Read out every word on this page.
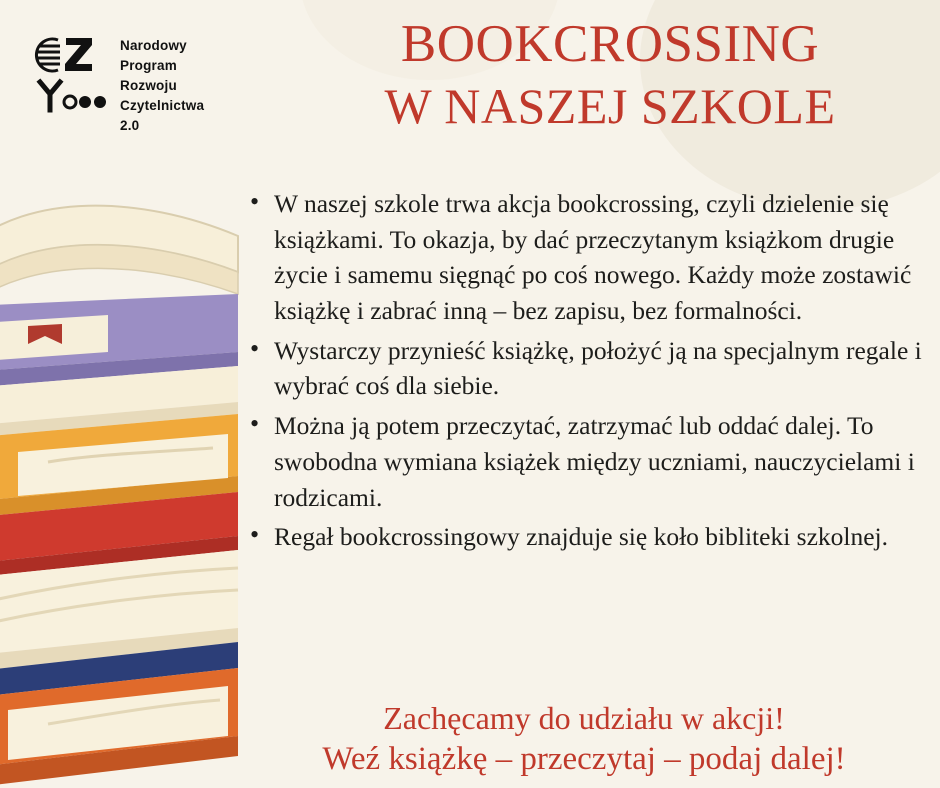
Narodowy
Program
Rozwoju
Czytelnictwa
2.0
BOOKCROSSING
W NASZEJ SZKOLE
• W naszej szkole trwa akcja bookcrossing, czyli dzielenie się książkami. To okazja, by dać przeczytanym książkom drugie życie i samemu sięgnąć po coś nowego. Każdy może zostawić książkę i zabrać inną – bez zapisu, bez formalności.
• Wystarczy przynieść książkę, położyć ją na specjalnym regale i wybrać coś dla siebie.
• Można ją potem przeczytać, zatrzymać lub oddać dalej. To swobodna wymiana książek między uczniami, nauczycielami i rodzicami.
• Regał bookcrossingowy znajduje się koło bibliteki szkolnej.
Zachęcamy do udziału w akcji!
Weź książkę – przeczytaj – podaj dalej!
